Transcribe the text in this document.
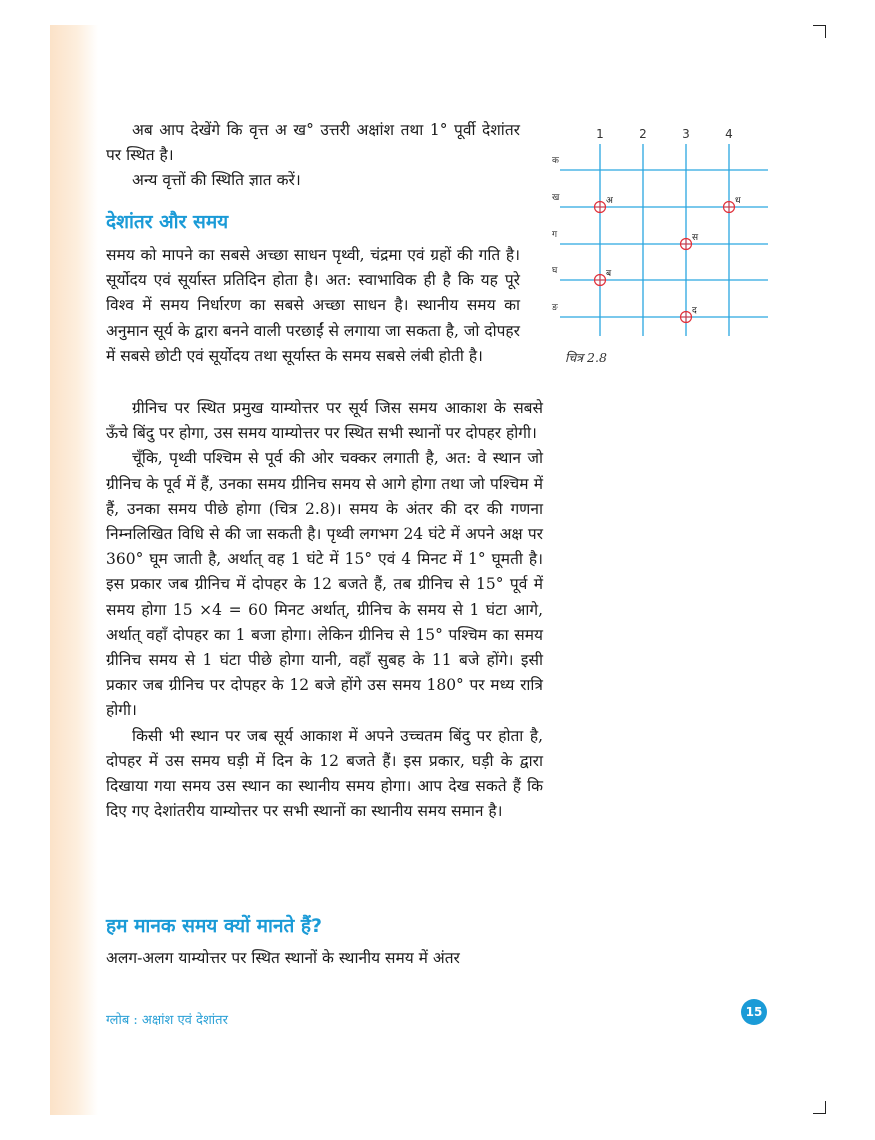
अब आप देखेंगे कि वृत्त अ ख° उत्तरी अक्षांश तथा 1° पूर्वी देशांतर पर स्थित है।

अन्य वृत्तों की स्थिति ज्ञात करें।

1	2	3	4
क
ख
ग
घ
ङ
अ	ध
स
ब
द
चित्र 2.8
देशांतर और समय

समय को मापने का सबसे अच्छा साधन पृथ्वी, चंद्रमा एवं ग्रहों की गति है। सूर्योदय एवं सूर्यास्त प्रतिदिन होता है। अत: स्वाभाविक ही है कि यह पूरे विश्व में समय निर्धारण का सबसे अच्छा साधन है। स्थानीय समय का अनुमान सूर्य के द्वारा बनने वाली परछाईं से लगाया जा सकता है, जो दोपहर में सबसे छोटी एवं सूर्योदय तथा सूर्यास्त के समय सबसे लंबी होती है।

ग्रीनिच पर स्थित प्रमुख याम्योत्तर पर सूर्य जिस समय आकाश के सबसे ऊँचे बिंदु पर होगा, उस समय याम्योत्तर पर स्थित सभी स्थानों पर दोपहर होगी।

चूँकि, पृथ्वी पश्चिम से पूर्व की ओर चक्कर लगाती है, अत: वे स्थान जो ग्रीनिच के पूर्व में हैं, उनका समय ग्रीनिच समय से आगे होगा तथा जो पश्चिम में हैं, उनका समय पीछे होगा (चित्र 2.8)। समय के अंतर की दर की गणना निम्नलिखित विधि से की जा सकती है। पृथ्वी लगभग 24 घंटे में अपने अक्ष पर 360° घूम जाती है, अर्थात् वह 1 घंटे में 15° एवं 4 मिनट में 1° घूमती है। इस प्रकार जब ग्रीनिच में दोपहर के 12 बजते हैं, तब ग्रीनिच से 15° पूर्व में समय होगा 15 ×4 = 60 मिनट अर्थात्, ग्रीनिच के समय से 1 घंटा आगे, अर्थात् वहाँ दोपहर का 1 बजा होगा। लेकिन ग्रीनिच से 15° पश्चिम का समय ग्रीनिच समय से 1 घंटा पीछे होगा यानी, वहाँ सुबह के 11 बजे होंगे। इसी प्रकार जब ग्रीनिच पर दोपहर के 12 बजे होंगे उस समय 180° पर मध्य रात्रि होगी।

किसी भी स्थान पर जब सूर्य आकाश में अपने उच्चतम बिंदु पर होता है, दोपहर में उस समय घड़ी में दिन के 12 बजते हैं। इस प्रकार, घड़ी के द्वारा दिखाया गया समय उस स्थान का स्थानीय समय होगा। आप देख सकते हैं कि दिए गए देशांतरीय याम्योत्तर पर सभी स्थानों का स्थानीय समय समान है।

हम मानक समय क्यों मानते हैं?

अलग-अलग याम्योत्तर पर स्थित स्थानों के स्थानीय समय में अंतर

ग्लोब : अक्षांश एवं देशांतर
15
